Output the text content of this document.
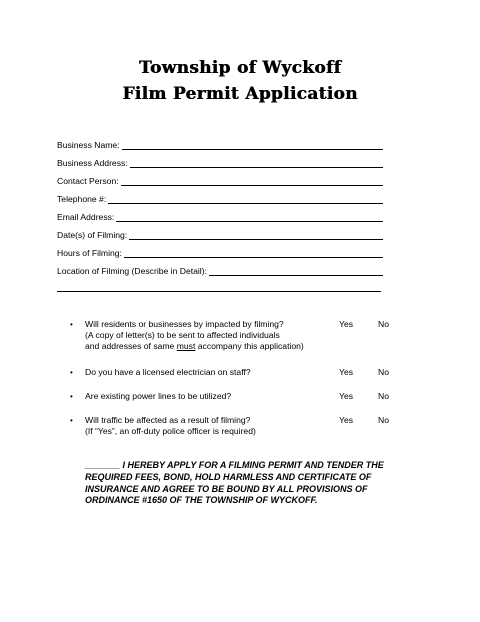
Township of Wyckoff
Film Permit Application
Business Name:
Business Address:
Contact Person:
Telephone #:
Email Address:
Date(s) of Filming:
Hours of Filming:
Location of Filming (Describe in Detail):
• Will residents or businesses by impacted by filming?
(A copy of letter(s) to be sent to affected individuals
and addresses of same must accompany this application)
Yes	No
• Do you have a licensed electrician on staff?	Yes	No
• Are existing power lines to be utilized?	Yes	No
• Will traffic be affected as a result of filming?
(If “Yes”, an off-duty police officer is required)
Yes	No
_______ I HEREBY APPLY FOR A FILMING PERMIT AND TENDER THE
REQUIRED FEES, BOND, HOLD HARMLESS AND CERTIFICATE OF
INSURANCE AND AGREE TO BE BOUND BY ALL PROVISIONS OF
ORDINANCE #1650 OF THE TOWNSHIP OF WYCKOFF.
